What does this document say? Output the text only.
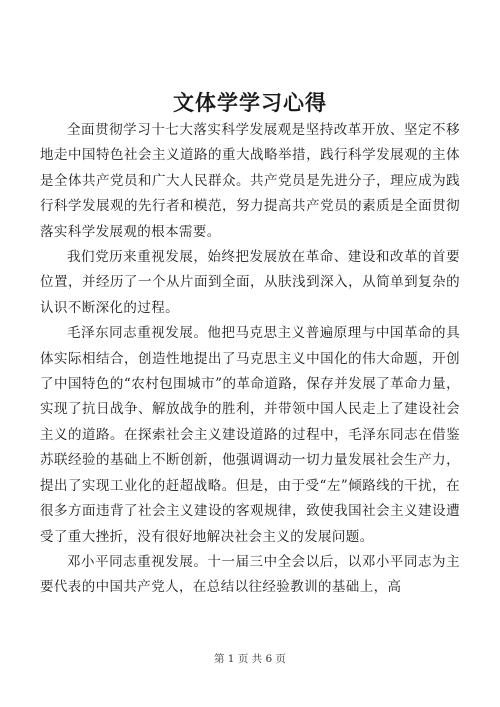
文体学学习心得

全面贯彻学习十七大落实科学发展观是坚持改革开放、坚定不移地走中国特色社会主义道路的重大战略举措，践行科学发展观的主体是全体共产党员和广大人民群众。共产党员是先进分子，理应成为践行科学发展观的先行者和模范，努力提高共产党员的素质是全面贯彻落实科学发展观的根本需要。

我们党历来重视发展，始终把发展放在革命、建设和改革的首要位置，并经历了一个从片面到全面，从肤浅到深入，从简单到复杂的认识不断深化的过程。

毛泽东同志重视发展。他把马克思主义普遍原理与中国革命的具体实际相结合，创造性地提出了马克思主义中国化的伟大命题，开创了中国特色的“农村包围城市”的革命道路，保存并发展了革命力量，实现了抗日战争、解放战争的胜利，并带领中国人民走上了建设社会主义的道路。在探索社会主义建设道路的过程中，毛泽东同志在借鉴苏联经验的基础上不断创新，他强调调动一切力量发展社会生产力，提出了实现工业化的赶超战略。但是，由于受“左”倾路线的干扰，在很多方面违背了社会主义建设的客观规律，致使我国社会主义建设遭受了重大挫折，没有很好地解决社会主义的发展问题。

邓小平同志重视发展。十一届三中全会以后，以邓小平同志为主要代表的中国共产党人，在总结以往经验教训的基础上，高

第 1 页 共 6 页
